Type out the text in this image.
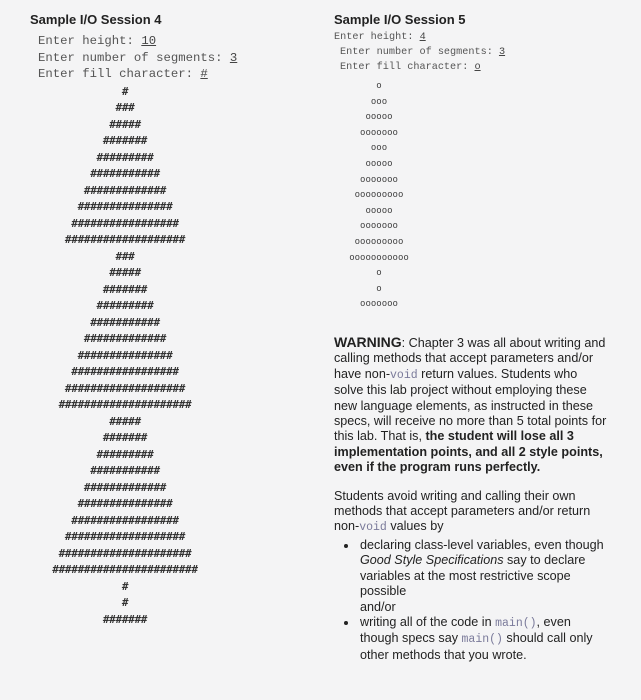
Sample I/O Session 4
Enter height: 10
Enter number of segments: 3
Enter fill character: #
#
###
#####
#######
#########
###########
#############
###############
#################
###################
###
#####
#######
#########
###########
#############
###############
#################
###################
#####################
#####
#######
#########
###########
#############
###############
#################
###################
#####################
#######################
#
#
#######
Sample I/O Session 5
Enter height: 4
Enter number of segments: 3
Enter fill character: o
o
ooo
ooooo
ooooooo
ooo
ooooo
ooooooo
ooooooooo
ooooo
ooooooo
ooooooooo
ooooooooooo
o
o
ooooooo

WARNING: Chapter 3 was all about writing and calling methods that accept parameters and/or have non-void return values. Students who solve this lab project without employing these new language elements, as instructed in these specs, will receive no more than 5 total points for this lab. That is, the student will lose all 3 implementation points, and all 2 style points, even if the program runs perfectly.

Students avoid writing and calling their own methods that accept parameters and/or return non-void values by

• declaring class-level variables, even though Good Style Specifications say to declare variables at the most restrictive scope possible
and/or
• writing all of the code in main(), even though specs say main() should call only other methods that you wrote.
